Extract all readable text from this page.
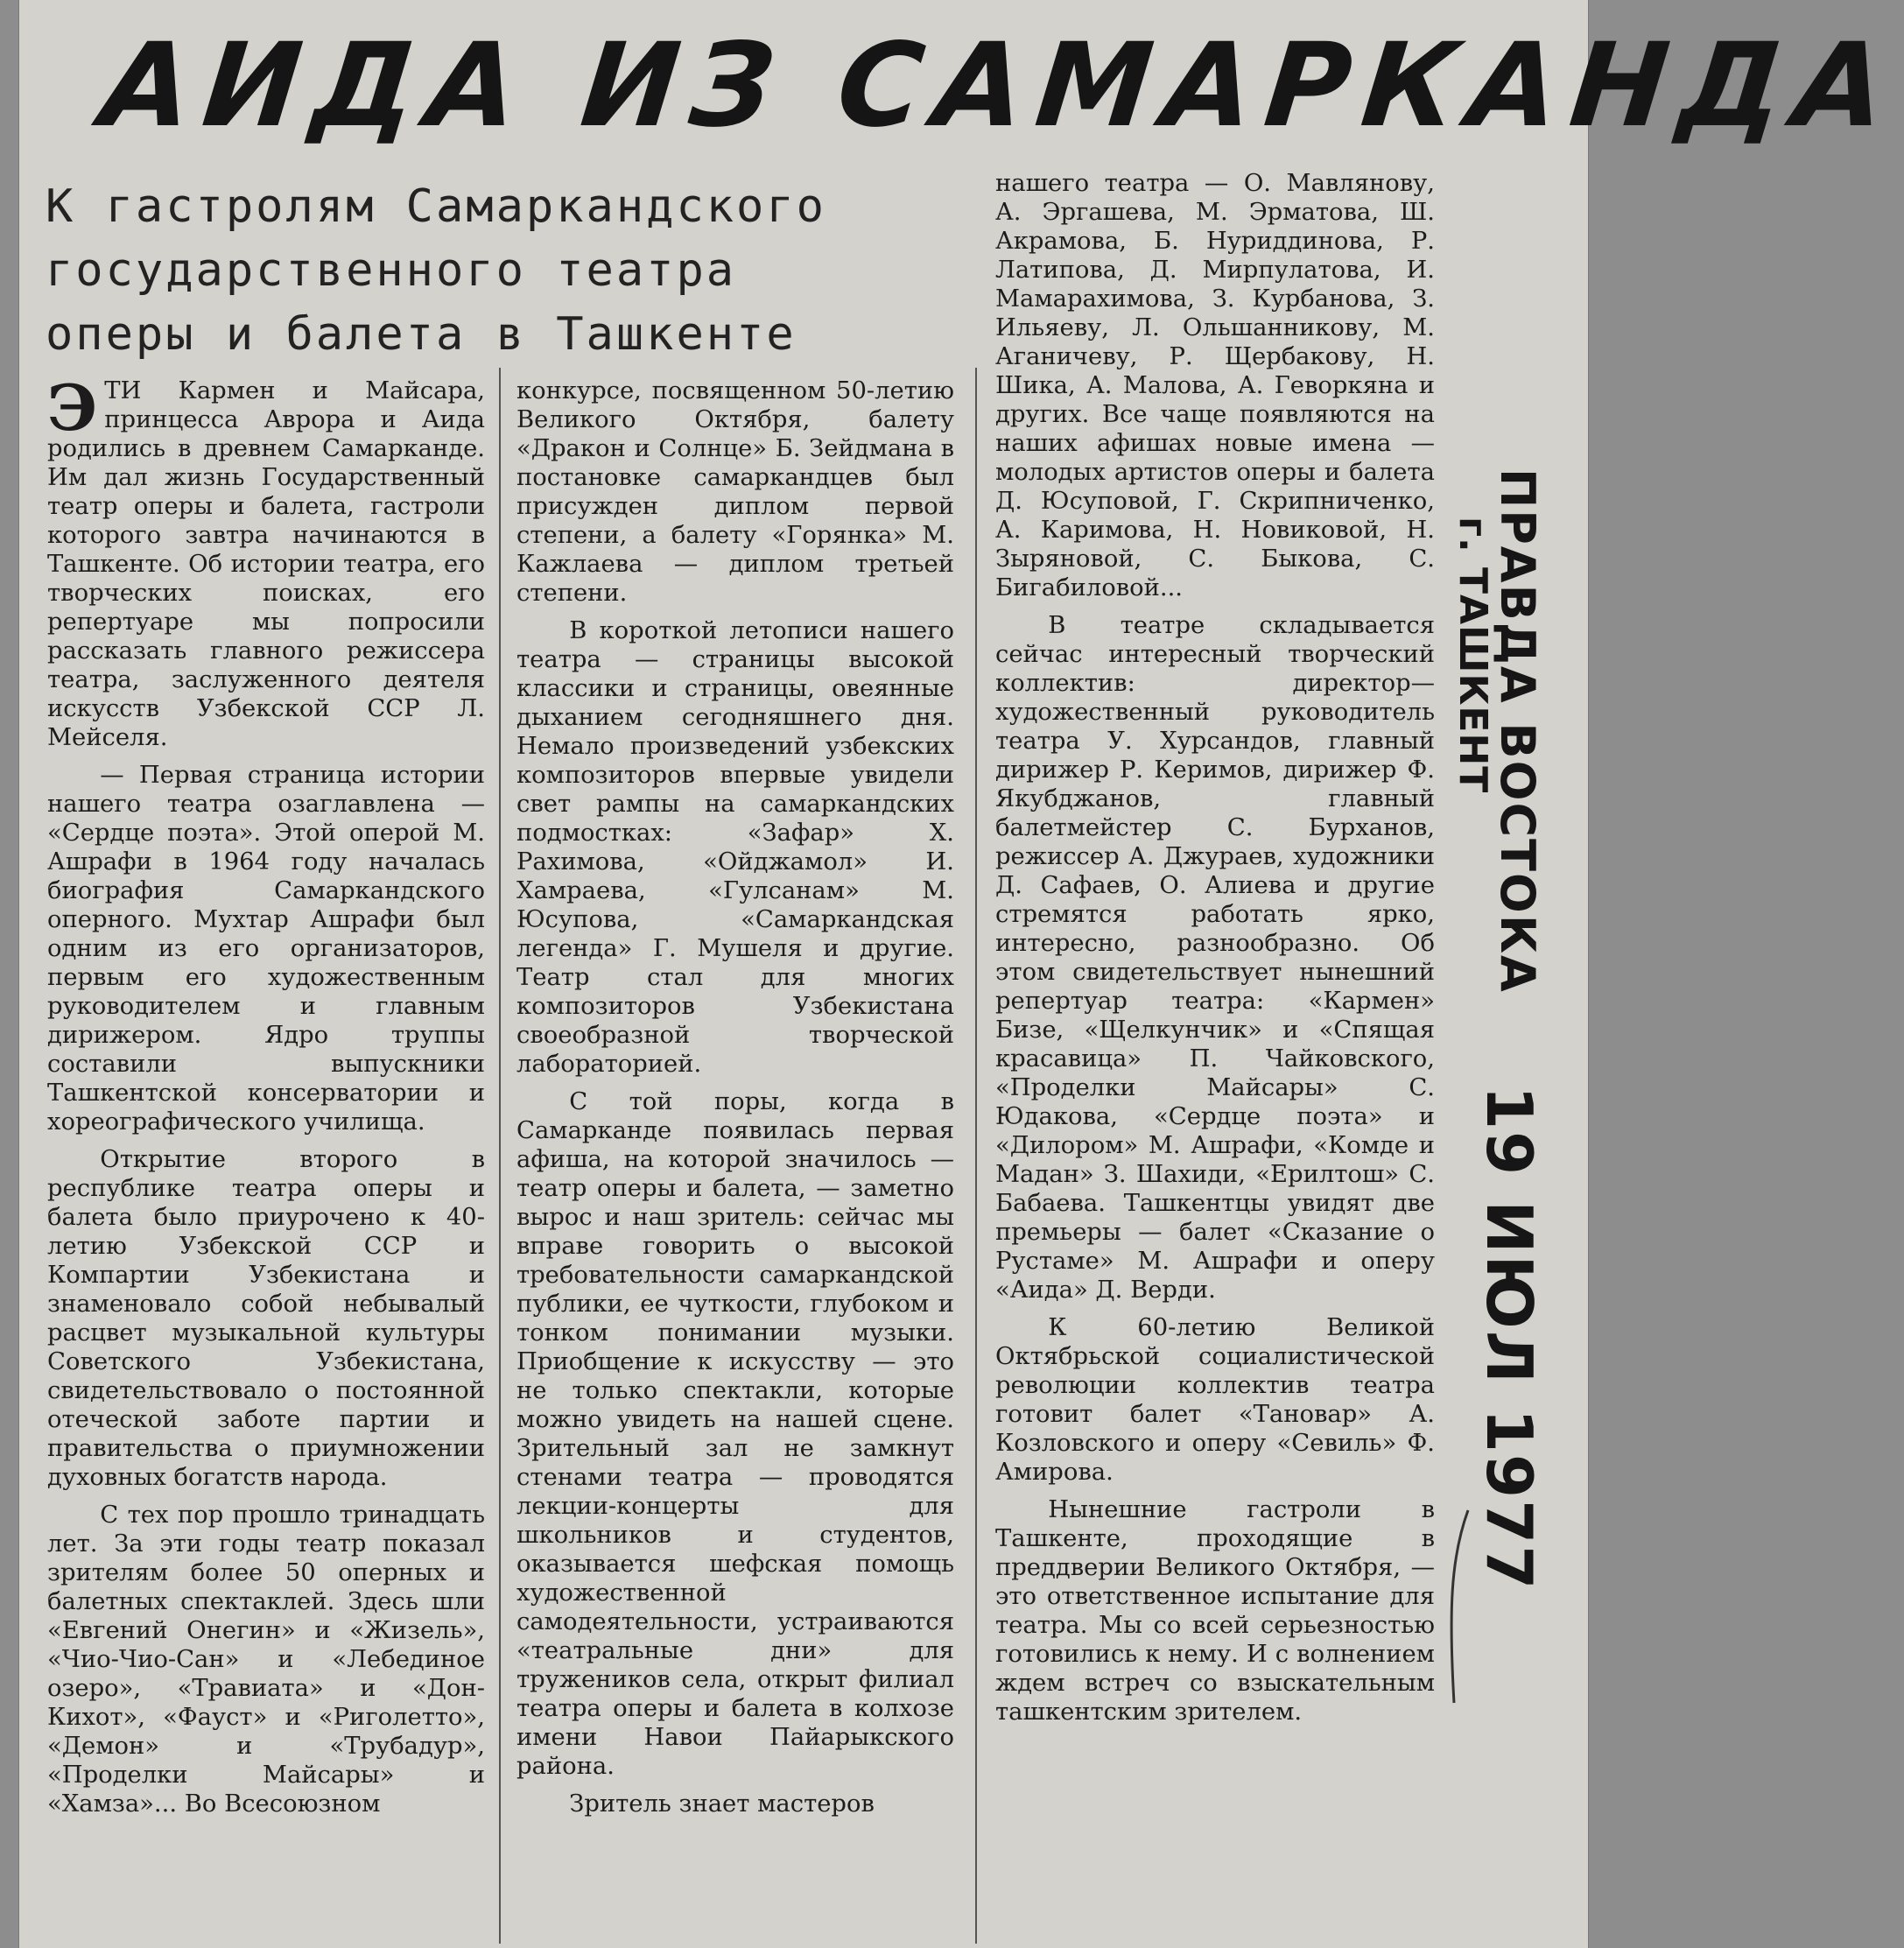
АИДА ИЗ САМАРКАНДА
К гастролям Самаркандского
государственного театра
оперы и балета в Ташкенте

ЭТИ Кармен и Майсара, принцесса Аврора и Аида родились в древнем Самарканде. Им дал жизнь Государственный театр оперы и балета, гастроли которого завтра начинаются в Ташкенте. Об истории театра, его творческих поисках, его репертуаре мы попросили рассказать главного режиссера театра, заслуженного деятеля искусств Узбекской ССР Л. Мейселя.

— Первая страница истории нашего театра озаглавлена — «Сердце поэта». Этой оперой М. Ашрафи в 1964 году началась биография Самаркандского оперного. Мухтар Ашрафи был одним из его организаторов, первым его художественным руководителем и главным дирижером. Ядро труппы составили выпускники Ташкентской консерватории и хореографического училища.

Открытие второго в республике театра оперы и балета было приурочено к 40-летию Узбекской ССР и Компартии Узбекистана и знаменовало собой небывалый расцвет музыкальной культуры Советского Узбекистана, свидетельствовало о постоянной отеческой заботе партии и правительства о приумножении духовных богатств народа.

С тех пор прошло тринадцать лет. За эти годы театр показал зрителям более 50 оперных и балетных спектаклей. Здесь шли «Евгений Онегин» и «Жизель», «Чио-Чио-Сан» и «Лебединое озеро», «Травиата» и «Дон-Кихот», «Фауст» и «Риголетто», «Демон» и «Трубадур», «Проделки Майсары» и «Хамза»... Во Всесоюзном

конкурсе, посвященном 50-летию Великого Октября, балету «Дракон и Солнце» Б. Зейдмана в постановке самаркандцев был присужден диплом первой степени, а балету «Горянка» М. Кажлаева — диплом третьей степени.

В короткой летописи нашего театра — страницы высокой классики и страницы, овеянные дыханием сегодняшнего дня. Немало произведений узбекских композиторов впервые увидели свет рампы на самаркандских подмостках: «Зафар» Х. Рахимова, «Ойджамол» И. Хамраева, «Гулсанам» М. Юсупова, «Самаркандская легенда» Г. Мушеля и другие. Театр стал для многих композиторов Узбекистана своеобразной творческой лабораторией.

С той поры, когда в Самарканде появилась первая афиша, на которой значилось — театр оперы и балета, — заметно вырос и наш зритель: сейчас мы вправе говорить о высокой требовательности самаркандской публики, ее чуткости, глубоком и тонком понимании музыки. Приобщение к искусству — это не только спектакли, которые можно увидеть на нашей сцене. Зрительный зал не замкнут стенами театра — проводятся лекции-концерты для школьников и студентов, оказывается шефская помощь художественной самодеятельности, устраиваются «театральные дни» для тружеников села, открыт филиал театра оперы и балета в колхозе имени Навои Пайарыкского района.

Зритель знает мастеров

нашего театра — О. Мавлянову, А. Эргашева, М. Эрматова, Ш. Акрамова, Б. Нуриддинова, Р. Латипова, Д. Мирпулатова, И. Мамарахимова, З. Курбанова, З. Ильяеву, Л. Ольшанникову, М. Аганичеву, Р. Щербакову, Н. Шика, А. Малова, А. Геворкяна и других. Все чаще появляются на наших афишах новые имена — молодых артистов оперы и балета Д. Юсуповой, Г. Скрипниченко, А. Каримова, Н. Новиковой, Н. Зыряновой, С. Быкова, С. Бигабиловой...

В театре складывается сейчас интересный творческий коллектив: директор—художественный руководитель театра У. Хурсандов, главный дирижер Р. Керимов, дирижер Ф. Якубджанов, главный балетмейстер С. Бурханов, режиссер А. Джураев, художники Д. Сафаев, О. Алиева и другие стремятся работать ярко, интересно, разнообразно. Об этом свидетельствует нынешний репертуар театра: «Кармен» Бизе, «Щелкунчик» и «Спящая красавица» П. Чайковского, «Проделки Майсары» С. Юдакова, «Сердце поэта» и «Дилором» М. Ашрафи, «Комде и Мадан» З. Шахиди, «Ерилтош» С. Бабаева. Ташкентцы увидят две премьеры — балет «Сказание о Рустаме» М. Ашрафи и оперу «Аида» Д. Верди.

К 60-летию Великой Октябрьской социалистической революции коллектив театра готовит балет «Тановар» А. Козловского и оперу «Севиль» Ф. Амирова.

Нынешние гастроли в Ташкенте, проходящие в преддверии Великого Октября, — это ответственное испытание для театра. Мы со всей серьезностью готовились к нему. И с волнением ждем встреч со взыскательным ташкентским зрителем.

ПРАВДА ВОСТОКА
г. ТАШКЕНТ
19 ИЮЛ 1977
